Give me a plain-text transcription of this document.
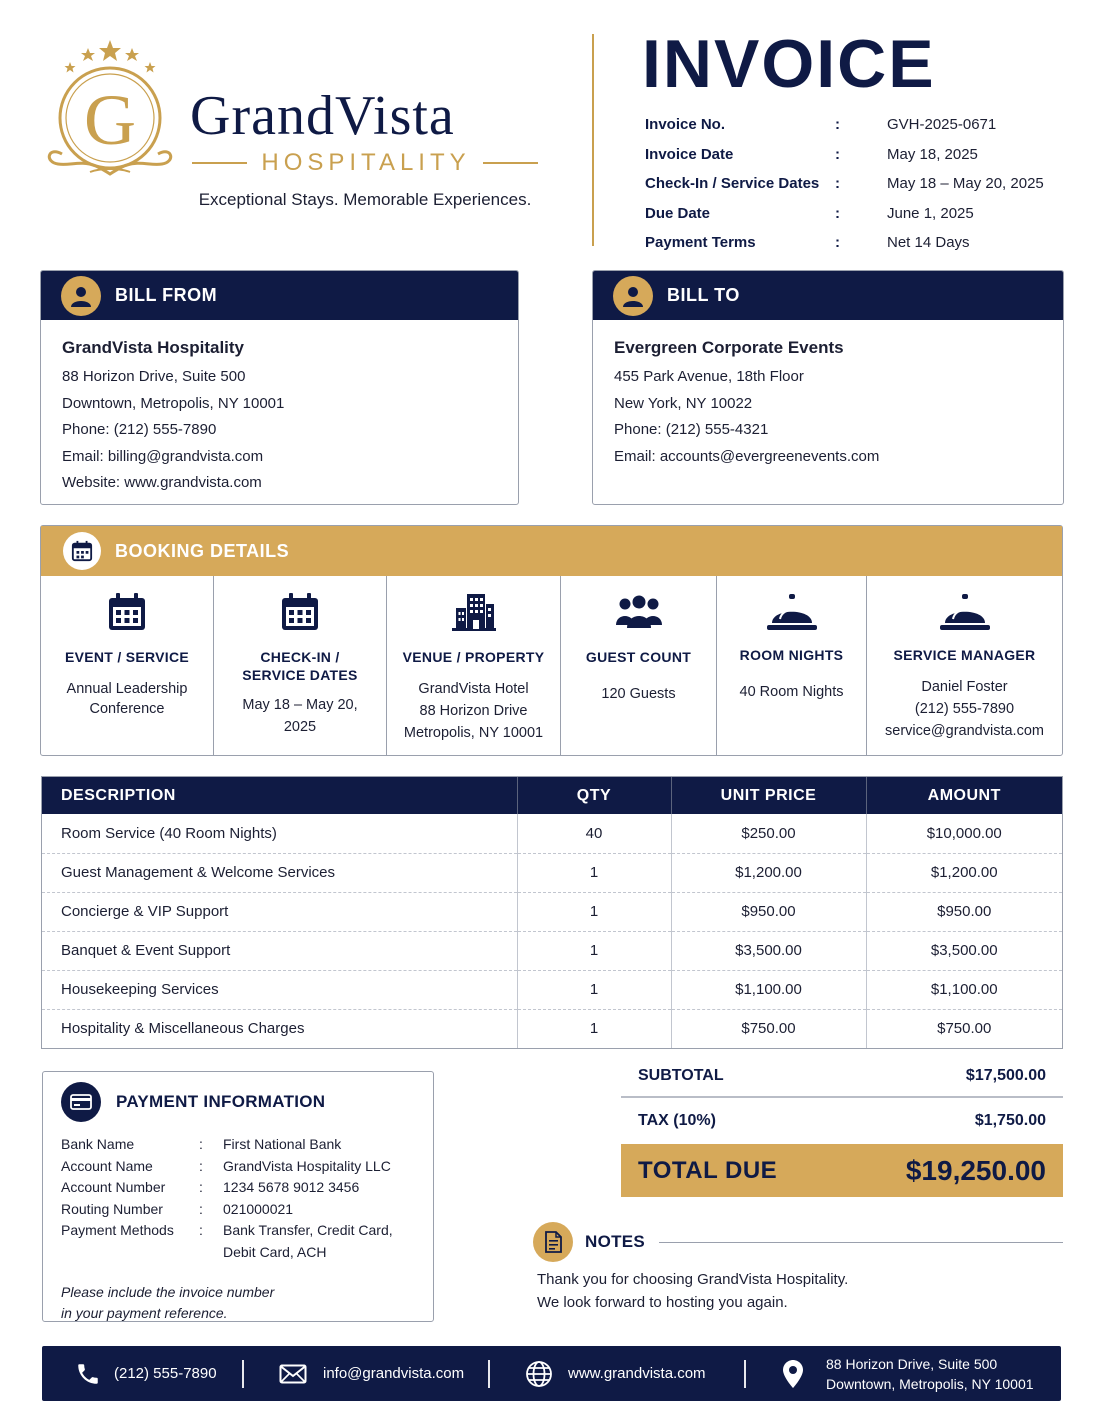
G GrandVista
HOSPITALITY
Exceptional Stays. Memorable Experiences.
INVOICE
Invoice No.	:	GVH-2025-0671
Invoice Date	:	May 18, 2025
Check-In / Service Dates	:	May 18 – May 20, 2025
Due Date	:	June 1, 2025
Payment Terms	:	Net 14 Days
BILL FROM
GrandVista Hospitality
88 Horizon Drive, Suite 500
Downtown, Metropolis, NY 10001
Phone: (212) 555-7890
Email: billing@grandvista.com
Website: www.grandvista.com
BILL TO
Evergreen Corporate Events
455 Park Avenue, 18th Floor
New York, NY 10022
Phone: (212) 555-4321
Email: accounts@evergreenevents.com
BOOKING DETAILS
EVENT / SERVICE
Annual Leadership
Conference
CHECK-IN /
SERVICE DATES
May 18 – May 20,
2025
VENUE / PROPERTY
GrandVista Hotel
88 Horizon Drive
Metropolis, NY 10001
GUEST COUNT
120 Guests
ROOM NIGHTS
40 Room Nights
SERVICE MANAGER
Daniel Foster
(212) 555-7890
service@grandvista.com
DESCRIPTION	QTY	UNIT PRICE	AMOUNT
Room Service (40 Room Nights)	40	$250.00	$10,000.00
Guest Management & Welcome Services	1	$1,200.00	$1,200.00
Concierge & VIP Support	1	$950.00	$950.00
Banquet & Event Support	1	$3,500.00	$3,500.00
Housekeeping Services	1	$1,100.00	$1,100.00
Hospitality & Miscellaneous Charges	1	$750.00	$750.00
PAYMENT INFORMATION
Bank Name	:	First National Bank
Account Name	:	GrandVista Hospitality LLC
Account Number	:	1234 5678 9012 3456
Routing Number	:	021000021
Payment Methods	:	Bank Transfer, Credit Card,
Debit Card, ACH
Please include the invoice number
in your payment reference.
SUBTOTAL	$17,500.00
TAX (10%)	$1,750.00
TOTAL DUE	$19,250.00
NOTES
Thank you for choosing GrandVista Hospitality.
We look forward to hosting you again.
(212) 555-7890	info@grandvista.com	www.grandvista.com
88 Horizon Drive, Suite 500
Downtown, Metropolis, NY 10001
